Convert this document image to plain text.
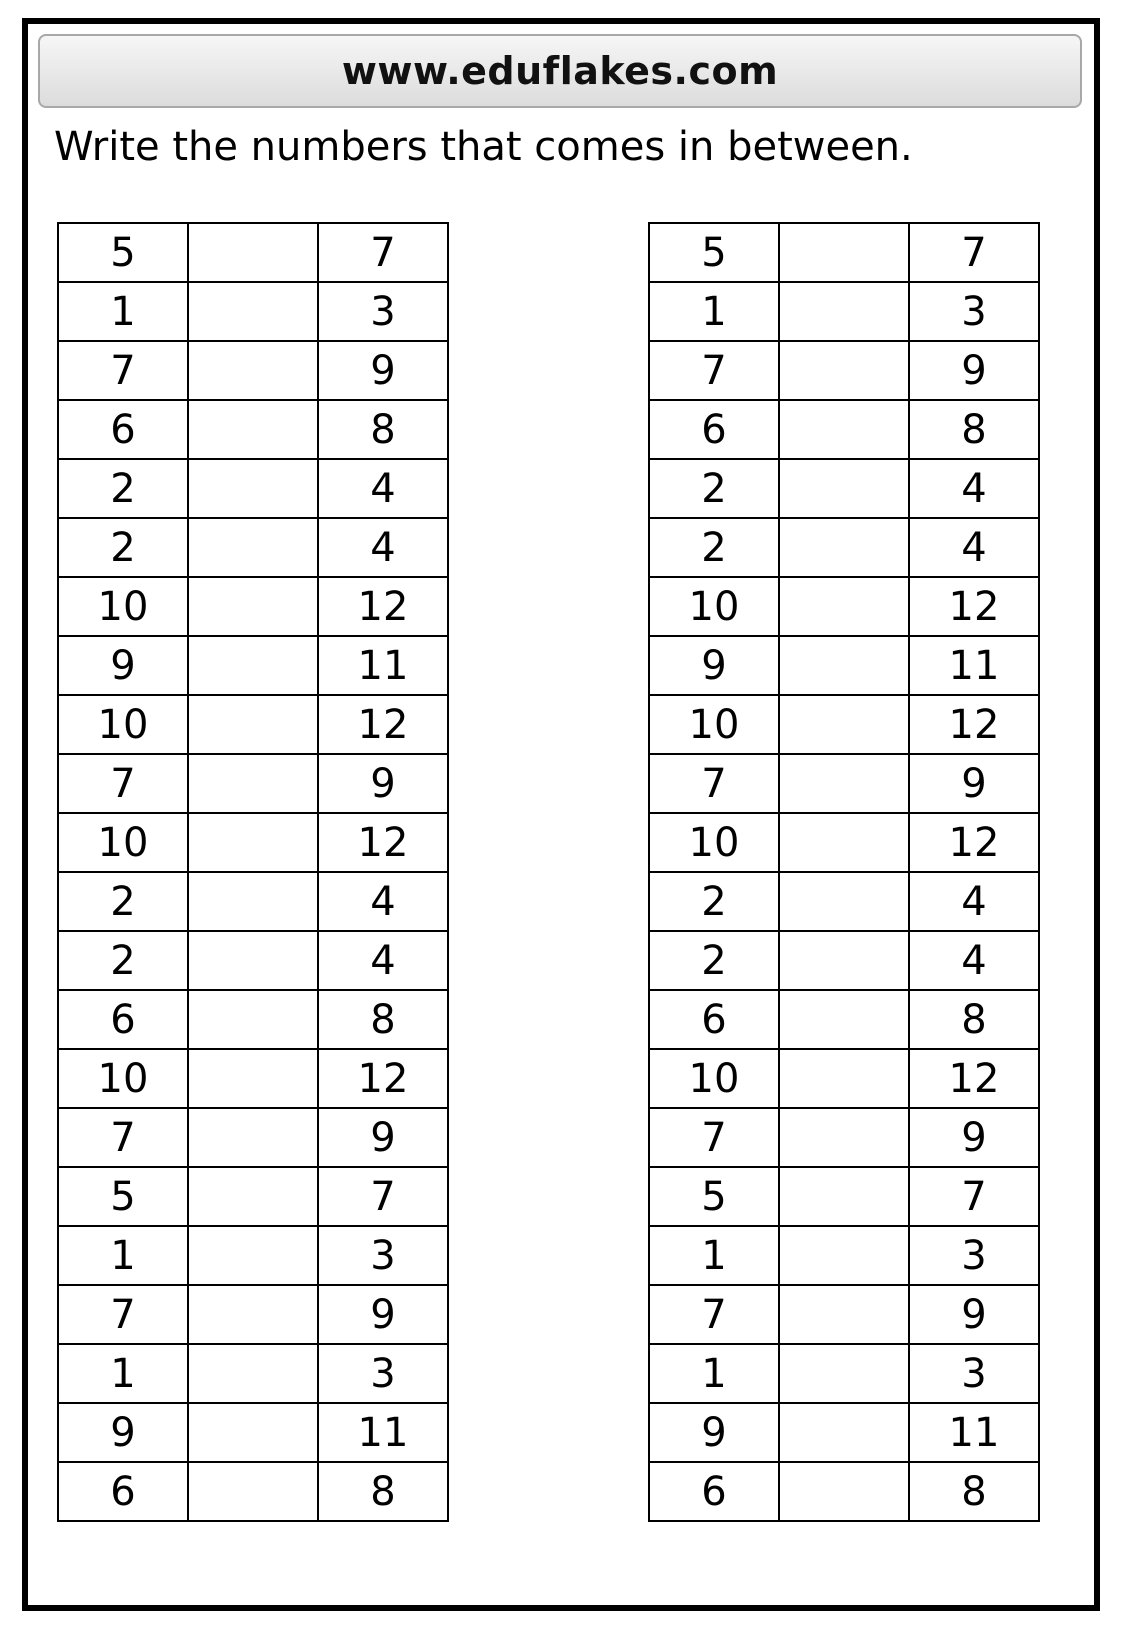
www.eduflakes.com
Write the numbers that comes in between.
5		7
1		3
7		9
6		8
2		4
2		4
10		12
9		11
10		12
7		9
10		12
2		4
2		4
6		8
10		12
7		9
5		7
1		3
7		9
1		3
9		11
6		8
5		7
1		3
7		9
6		8
2		4
2		4
10		12
9		11
10		12
7		9
10		12
2		4
2		4
6		8
10		12
7		9
5		7
1		3
7		9
1		3
9		11
6		8
